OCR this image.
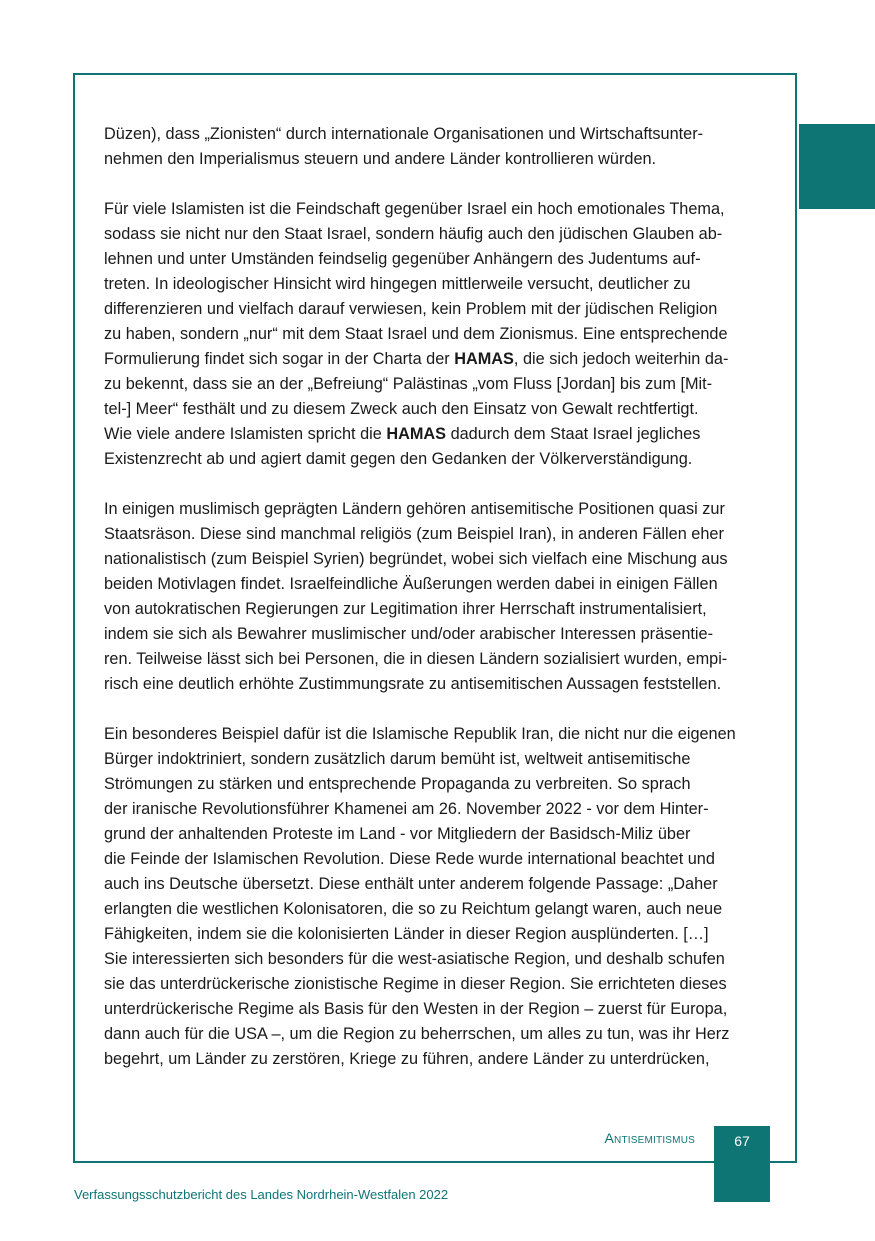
Düzen), dass „Zionisten“ durch internationale Organisationen und Wirtschaftsunter-
nehmen den Imperialismus steuern und andere Länder kontrollieren würden.

Für viele Islamisten ist die Feindschaft gegenüber Israel ein hoch emotionales Thema,
sodass sie nicht nur den Staat Israel, sondern häufig auch den jüdischen Glauben ab-
lehnen und unter Umständen feindselig gegenüber Anhängern des Judentums auf-
treten. In ideologischer Hinsicht wird hingegen mittlerweile versucht, deutlicher zu
differenzieren und vielfach darauf verwiesen, kein Problem mit der jüdischen Religion
zu haben, sondern „nur“ mit dem Staat Israel und dem Zionismus. Eine entsprechende
Formulierung findet sich sogar in der Charta der HAMAS, die sich jedoch weiterhin da-
zu bekennt, dass sie an der „Befreiung“ Palästinas „vom Fluss [Jordan] bis zum [Mit-
tel-] Meer“ festhält und zu diesem Zweck auch den Einsatz von Gewalt rechtfertigt.
Wie viele andere Islamisten spricht die HAMAS dadurch dem Staat Israel jegliches
Existenzrecht ab und agiert damit gegen den Gedanken der Völkerverständigung.

In einigen muslimisch geprägten Ländern gehören antisemitische Positionen quasi zur
Staatsräson. Diese sind manchmal religiös (zum Beispiel Iran), in anderen Fällen eher
nationalistisch (zum Beispiel Syrien) begründet, wobei sich vielfach eine Mischung aus
beiden Motivlagen findet. Israelfeindliche Äußerungen werden dabei in einigen Fällen
von autokratischen Regierungen zur Legitimation ihrer Herrschaft instrumentalisiert,
indem sie sich als Bewahrer muslimischer und/oder arabischer Interessen präsentie-
ren. Teilweise lässt sich bei Personen, die in diesen Ländern sozialisiert wurden, empi-
risch eine deutlich erhöhte Zustimmungsrate zu antisemitischen Aussagen feststellen.

Ein besonderes Beispiel dafür ist die Islamische Republik Iran, die nicht nur die eigenen
Bürger indoktriniert, sondern zusätzlich darum bemüht ist, weltweit antisemitische
Strömungen zu stärken und entsprechende Propaganda zu verbreiten. So sprach
der iranische Revolutionsführer Khamenei am 26. November 2022 - vor dem Hinter-
grund der anhaltenden Proteste im Land - vor Mitgliedern der Basidsch-Miliz über
die Feinde der Islamischen Revolution. Diese Rede wurde international beachtet und
auch ins Deutsche übersetzt. Diese enthält unter anderem folgende Passage: „Daher
erlangten die westlichen Kolonisatoren, die so zu Reichtum gelangt waren, auch neue
Fähigkeiten, indem sie die kolonisierten Länder in dieser Region ausplünderten. […]
Sie interessierten sich besonders für die west-asiatische Region, und deshalb schufen
sie das unterdrückerische zionistische Regime in dieser Region. Sie errichteten dieses
unterdrückerische Regime als Basis für den Westen in der Region – zuerst für Europa,
dann auch für die USA –, um die Region zu beherrschen, um alles zu tun, was ihr Herz
begehrt, um Länder zu zerstören, Kriege zu führen, andere Länder zu unterdrücken,

Antisemitismus	67
Verfassungsschutzbericht des Landes Nordrhein-Westfalen 2022
